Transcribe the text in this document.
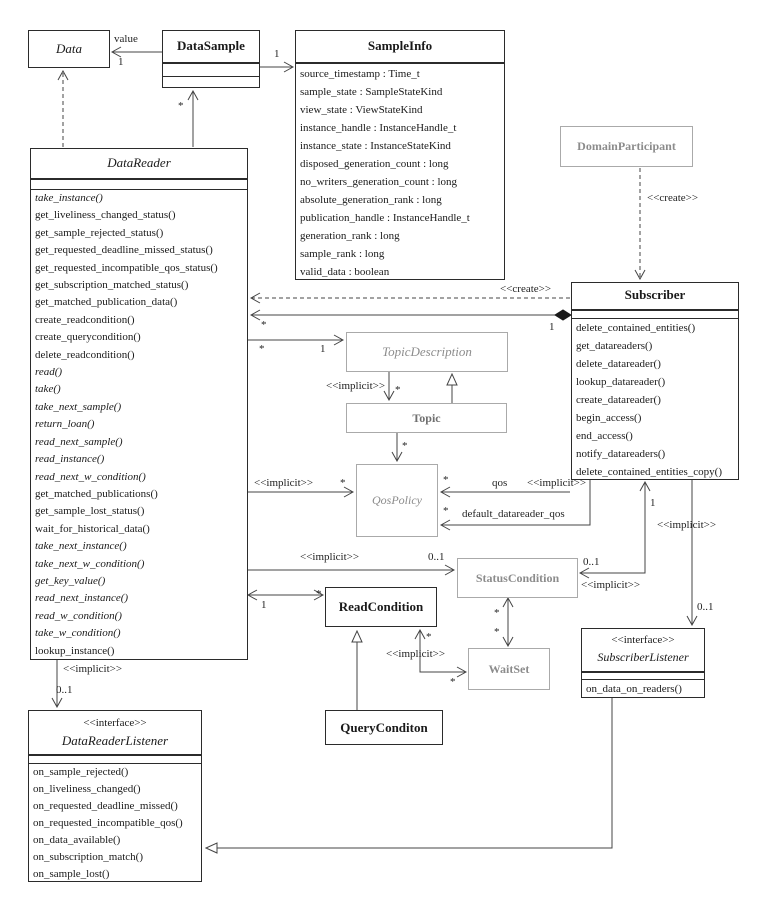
Data	DataSample	SampleInfo
source_timestamp : Time_t
sample_state : SampleStateKind
view_state : ViewStateKind
instance_handle : InstanceHandle_t
instance_state : InstanceStateKind
disposed_generation_count : long
no_writers_generation_count : long
absolute_generation_rank : long
publication_handle : InstanceHandle_t
generation_rank : long
sample_rank : long
valid_data : boolean
DataReader
take_instance()
get_liveliness_changed_status()
get_sample_rejected_status()
get_requested_deadline_missed_status()
get_requested_incompatible_qos_status()
get_subscription_matched_status()
get_matched_publication_data()
create_readcondition()
create_querycondition()
delete_readcondition()
read()
take()
take_next_sample()
return_loan()
read_next_sample()
read_instance()
read_next_w_condition()
get_matched_publications()
get_sample_lost_status()
wait_for_historical_data()
take_next_instance()
take_next_w_condition()
get_key_value()
read_next_instance()
read_w_condition()
take_w_condition()
lookup_instance()
DomainParticipant
Subscriber
delete_contained_entities()
get_datareaders()
delete_datareader()
lookup_datareader()
create_datareader()
begin_access()
end_access()
notify_datareaders()
delete_contained_entities_copy()
TopicDescription
Topic
QosPolicy
StatusCondition
ReadCondition
WaitSet
QueryConditon
<<interface>>
SubscriberListener
on_data_on_readers()
<<interface>>
DataReaderListener
on_sample_rejected()
on_liveliness_changed()
on_requested_deadline_missed()
on_requested_incompatible_qos()
on_data_available()
on_subscription_match()
on_sample_lost()
value
1
1
*
<<create>>
<<create>>
*	1
*	1
<<implicit>> *
*
<<implicit>> *	*	qos <<implicit>>
* default_datareader_qos
<<implicit>>	0..1
1
0..1
<<implicit>>
1
*
<<implicit>>
0..1
*
<<implicit>>
*
*
*
<<implicit>>
0..1
